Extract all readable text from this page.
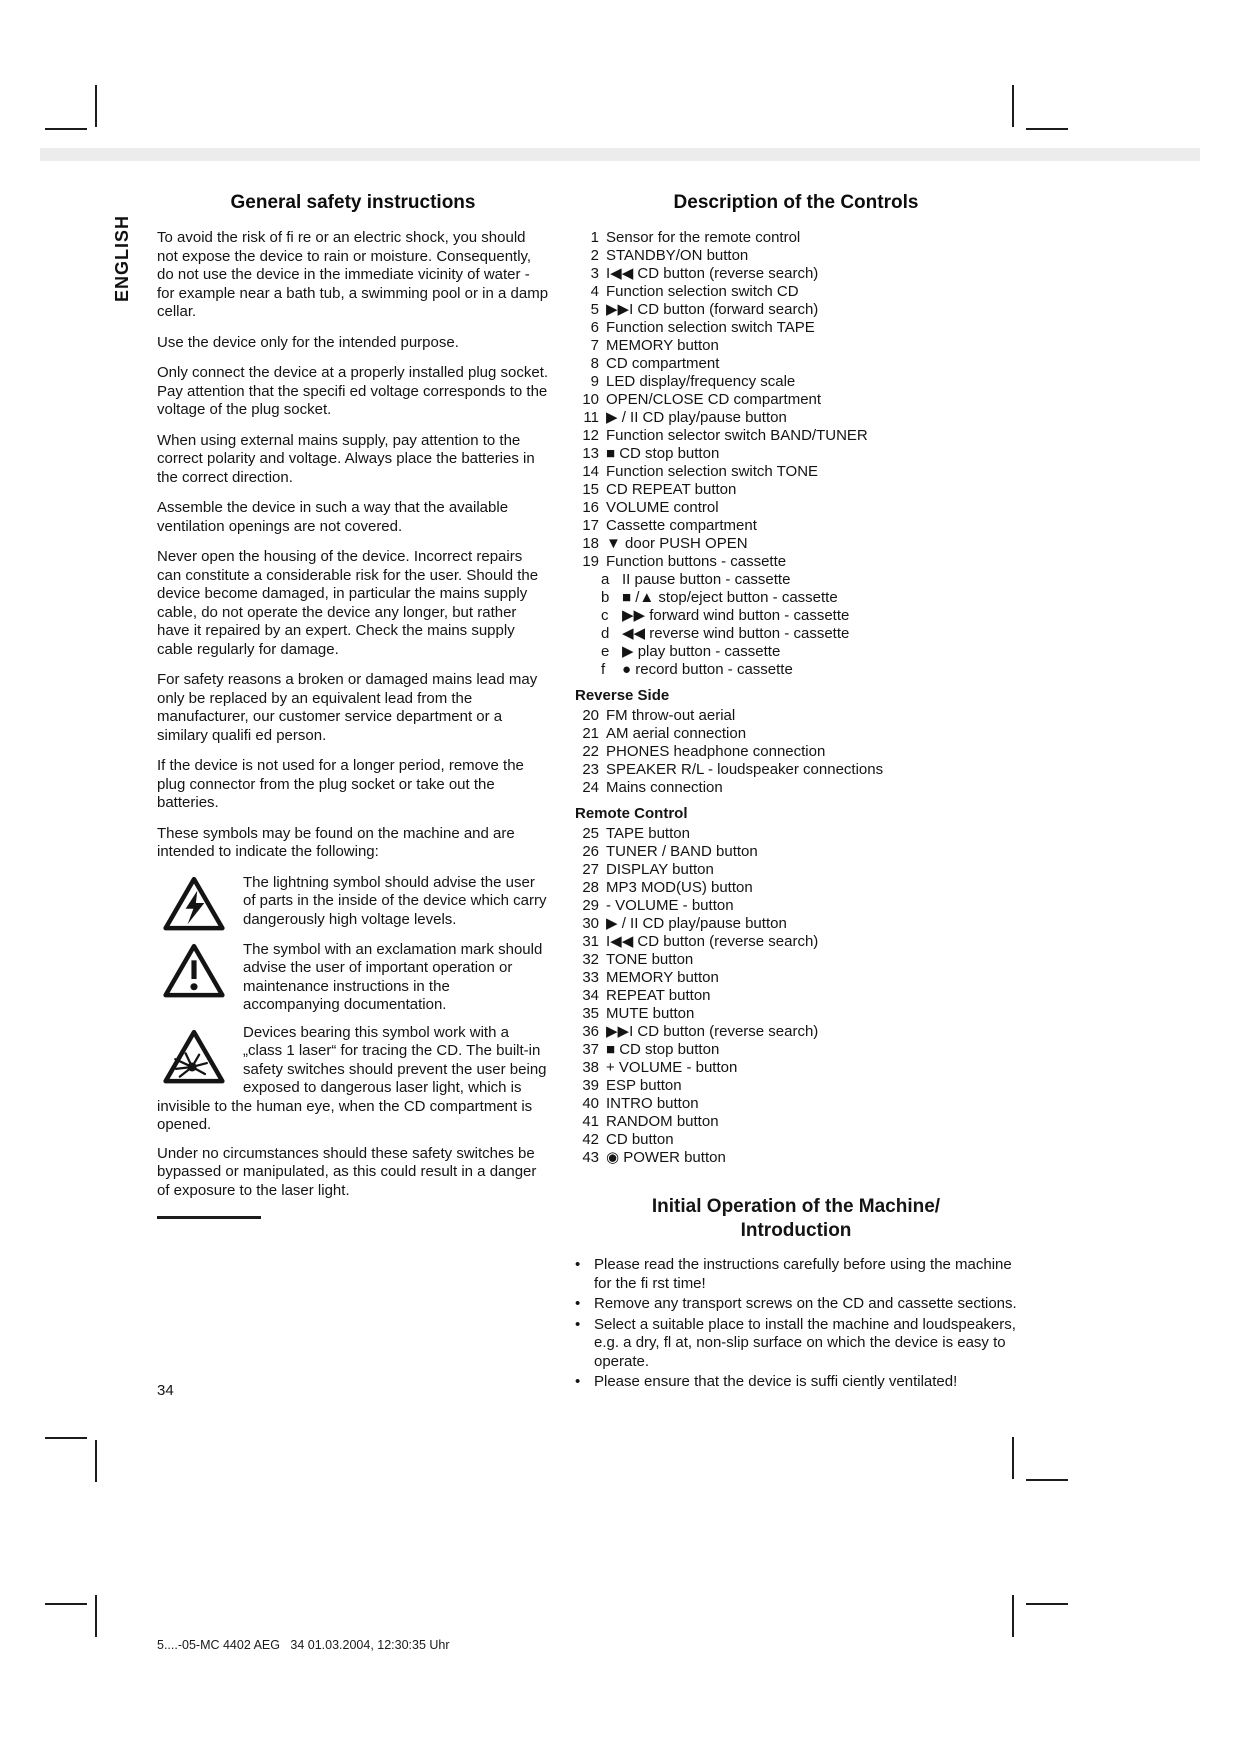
ENGLISH
General safety instructions

To avoid the risk of fi re or an electric shock, you should not expose the device to rain or moisture. Consequently, do not use the device in the immediate vicinity of water - for example near a bath tub, a swimming pool or in a damp cellar.

Use the device only for the intended purpose.

Only connect the device at a properly installed plug socket. Pay attention that the specifi ed voltage corresponds to the voltage of the plug socket.

When using external mains supply, pay attention to the correct polarity and voltage. Always place the batteries in the correct direction.

Assemble the device in such a way that the available ventilation openings are not covered.

Never open the housing of the device. Incorrect repairs can constitute a considerable risk for the user. Should the device become damaged, in particular the mains supply cable, do not operate the device any longer, but rather have it repaired by an expert. Check the mains supply cable regularly for damage.

For safety reasons a broken or damaged mains lead may only be replaced by an equivalent lead from the manufacturer, our customer service department or a similary qualifi ed person.

If the device is not used for a longer period, remove the plug connector from the plug socket or take out the batteries.

These symbols may be found on the machine and are intended to indicate the following:

The lightning symbol should advise the user of parts in the inside of the device which carry dangerously high voltage levels.

The symbol with an exclamation mark should advise the user of important operation or maintenance instructions in the accompanying documentation.

Devices bearing this symbol work with a „class 1 laser“ for tracing the CD. The built-in safety switches should prevent the user being exposed to dangerous laser light, which is invisible to the human eye, when the CD compartment is opened.

Under no circumstances should these safety switches be bypassed or manipulated, as this could result in a danger of exposure to the laser light.

Description of the Controls
1 Sensor for the remote control
2 STANDBY/ON button
3 I◀◀ CD button (reverse search)
4 Function selection switch CD
5 ▶▶I CD button (forward search)
6 Function selection switch TAPE
7 MEMORY button
8 CD compartment
9 LED display/frequency scale
10 OPEN/CLOSE CD compartment
11 ▶ / II CD play/pause button
12 Function selector switch BAND/TUNER
13 ■ CD stop button
14 Function selection switch TONE
15 CD REPEAT button
16 VOLUME control
17 Cassette compartment
18 ▼ door PUSH OPEN
19 Function buttons - cassette
a II pause button - cassette
b ■ /▲ stop/eject button - cassette
c ▶▶ forward wind button - cassette
d ◀◀ reverse wind button - cassette
e ▶ play button - cassette
f	● record button - cassette
Reverse Side
20 FM throw-out aerial
21 AM aerial connection
22 PHONES headphone connection
23 SPEAKER R/L - loudspeaker connections
24 Mains connection
Remote Control
25 TAPE button
26 TUNER / BAND button
27 DISPLAY button
28 MP3 MOD(US) button
29 - VOLUME - button
30 ▶ / II CD play/pause button
31 I◀◀ CD button (reverse search)
32 TONE button
33 MEMORY button
34 REPEAT button
35 MUTE button
36 ▶▶I CD button (reverse search)
37 ■ CD stop button
38 + VOLUME - button
39 ESP button
40 INTRO button
41 RANDOM button
42 CD button
43 ◉ POWER button
Initial Operation of the Machine/
Introduction
• Please read the instructions carefully before using the machine for the fi rst time!
• Remove any transport screws on the CD and cassette sections.
• Select a suitable place to install the machine and loudspeakers, e.g. a dry, fl at, non-slip surface on which the device is easy to operate.
• Please ensure that the device is suffi ciently ventilated!
34
5....-05-MC 4402 AEG   34 01.03.2004, 12:30:35 Uhr
